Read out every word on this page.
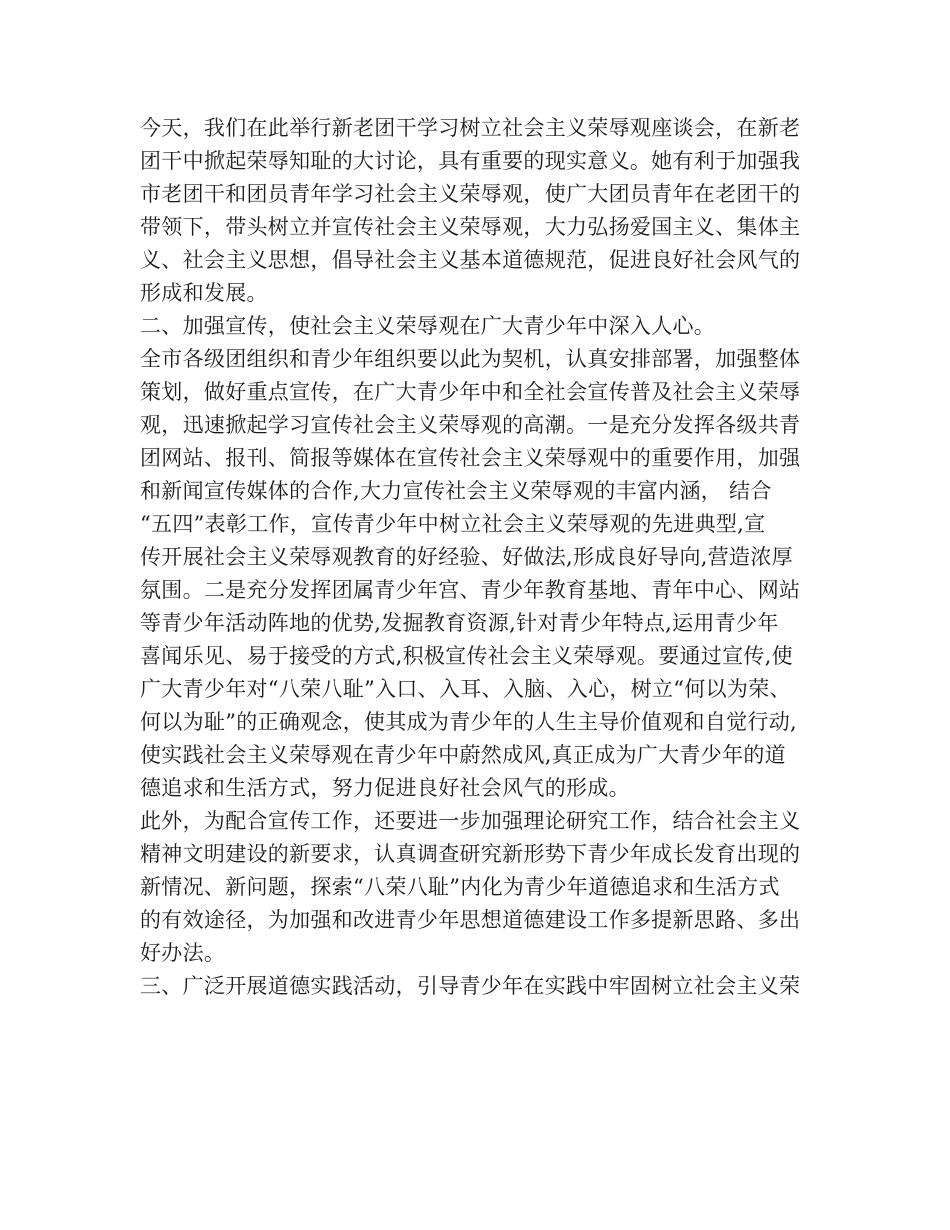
今天，我们在此举行新老团干学习树立社会主义荣辱观座谈会，在新老
团干中掀起荣辱知耻的大讨论，具有重要的现实意义。她有利于加强我
市老团干和团员青年学习社会主义荣辱观，使广大团员青年在老团干的
带领下，带头树立并宣传社会主义荣辱观，大力弘扬爱国主义、集体主
义、社会主义思想，倡导社会主义基本道德规范，促进良好社会风气的
形成和发展。
二、加强宣传，使社会主义荣辱观在广大青少年中深入人心。
全市各级团组织和青少年组织要以此为契机，认真安排部署，加强整体
策划，做好重点宣传，在广大青少年中和全社会宣传普及社会主义荣辱
观，迅速掀起学习宣传社会主义荣辱观的高潮。一是充分发挥各级共青
团网站、报刊、简报等媒体在宣传社会主义荣辱观中的重要作用，加强
和新闻宣传媒体的合作,大力宣传社会主义荣辱观的丰富内涵， 结合
“五四”表彰工作，宣传青少年中树立社会主义荣辱观的先进典型,宣
传开展社会主义荣辱观教育的好经验、好做法,形成良好导向,营造浓厚
氛围。二是充分发挥团属青少年宫、青少年教育基地、青年中心、网站
等青少年活动阵地的优势,发掘教育资源,针对青少年特点,运用青少年
喜闻乐见、易于接受的方式,积极宣传社会主义荣辱观。要通过宣传,使
广大青少年对“八荣八耻”入口、入耳、入脑、入心，树立“何以为荣、
何以为耻”的正确观念，使其成为青少年的人生主导价值观和自觉行动,
使实践社会主义荣辱观在青少年中蔚然成风,真正成为广大青少年的道
德追求和生活方式，努力促进良好社会风气的形成。
此外，为配合宣传工作，还要进一步加强理论研究工作，结合社会主义
精神文明建设的新要求，认真调查研究新形势下青少年成长发育出现的
新情况、新问题，探索“八荣八耻”内化为青少年道德追求和生活方式
的有效途径，为加强和改进青少年思想道德建设工作多提新思路、多出
好办法。
三、广泛开展道德实践活动，引导青少年在实践中牢固树立社会主义荣
